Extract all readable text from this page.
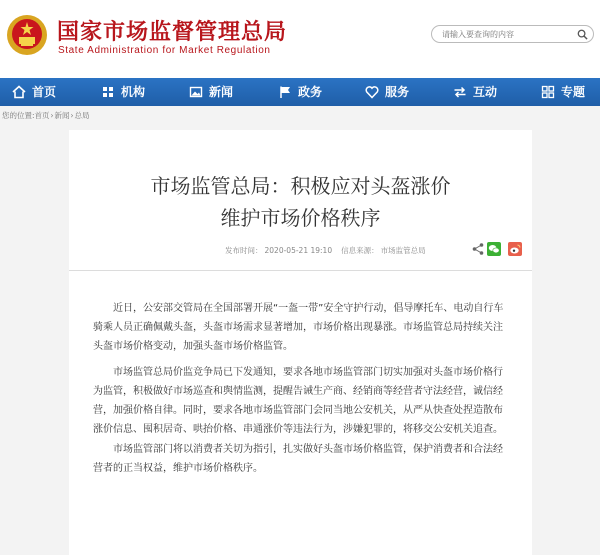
国家市场监督管理总局
State Administration for Market Regulation
请输入要查询的内容
首页	机构	新闻	政务	服务	互动	专题
您的位置:首页›新闻›总局
市场监管总局：积极应对头盔涨价
维护市场价格秩序
发布时间： 2020-05-21 19:10 信息来源： 市场监管总局

近日，公安部交管局在全国部署开展“一盔一带”安全守护行动，倡导摩托车、电动自行车骑乘人员正确佩戴头盔，头盔市场需求显著增加，市场价格出现暴涨。市场监管总局持续关注头盔市场价格变动，加强头盔市场价格监管。

市场监管总局价监竞争局已下发通知，要求各地市场监管部门切实加强对头盔市场价格行为监管，积极做好市场巡查和舆情监测，提醒告诫生产商、经销商等经营者守法经营，诚信经营，加强价格自律。同时，要求各地市场监管部门会同当地公安机关，从严从快查处捏造散布涨价信息、囤积居奇、哄抬价格、串通涨价等违法行为，涉嫌犯罪的，将移交公安机关追查。

市场监管部门将以消费者关切为指引，扎实做好头盔市场价格监管，保护消费者和合法经营者的正当权益，维护市场价格秩序。
